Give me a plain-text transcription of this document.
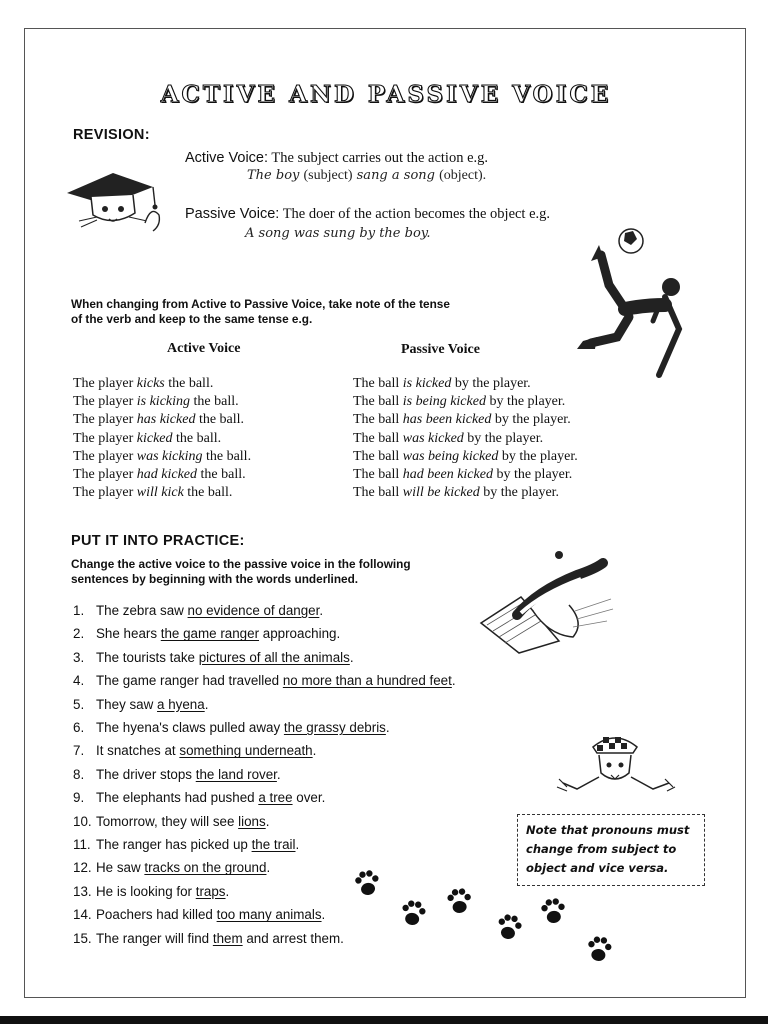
ACTIVE AND PASSIVE VOICE
REVISION:
Active Voice: The subject carries out the action e.g.
The boy (subject) sang a song (object).
Passive Voice: The doer of the action becomes the object e.g.
A song was sung by the boy.
When changing from Active to Passive Voice, take note of the tense
of the verb and keep to the same tense e.g.
Active Voice	Passive Voice
The player kicks the ball.
The player is kicking the ball.
The player has kicked the ball.
The player kicked the ball.
The player was kicking the ball.
The player had kicked the ball.
The player will kick the ball.
The ball is kicked by the player.
The ball is being kicked by the player.
The ball has been kicked by the player.
The ball was kicked by the player.
The ball was being kicked by the player.
The ball had been kicked by the player.
The ball will be kicked by the player.
PUT IT INTO PRACTICE:
Change the active voice to the passive voice in the following
sentences by beginning with the words underlined.
1. The zebra saw no evidence of danger.
2. She hears the game ranger approaching.
3. The tourists take pictures of all the animals.
4. The game ranger had travelled no more than a hundred feet.
5. They saw a hyena.
6. The hyena's claws pulled away the grassy debris.
7. It snatches at something underneath.
8. The driver stops the land rover.
9. The elephants had pushed a tree over.
10. Tomorrow, they will see lions.
11. The ranger has picked up the trail.
12. He saw tracks on the ground.
13. He is looking for traps.
14. Poachers had killed too many animals.
15. The ranger will find them and arrest them.
Note that pronouns must
change from subject to
object and vice versa.
